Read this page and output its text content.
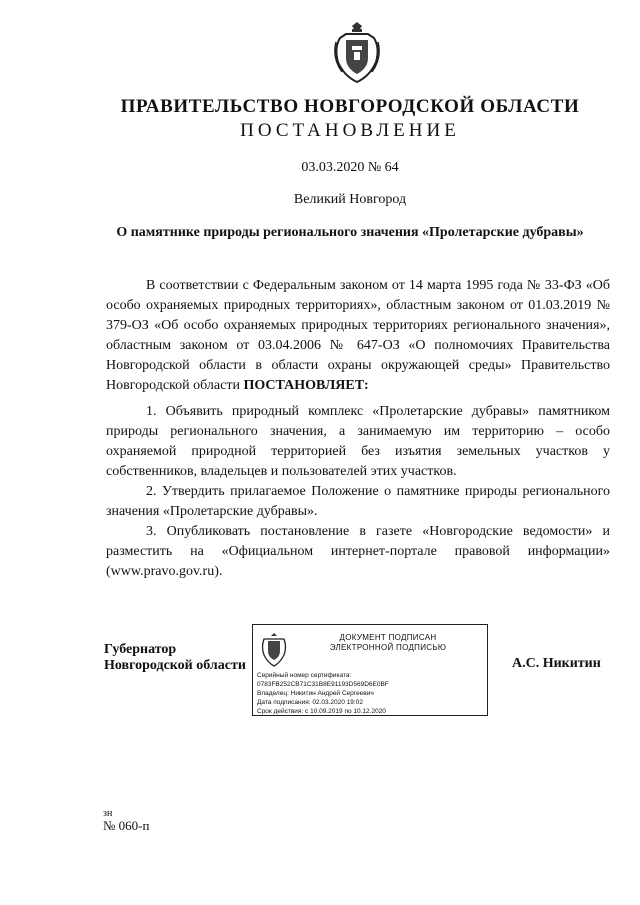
ПРАВИТЕЛЬСТВО НОВГОРОДСКОЙ ОБЛАСТИ
ПОСТАНОВЛЕНИЕ
03.03.2020 № 64
Великий Новгород
О памятнике природы регионального значения «Пролетарские дубравы»

В соответствии с Федеральным законом от 14 марта 1995 года № 33-ФЗ «Об особо охраняемых природных территориях», областным законом от 01.03.2019 № 379-ОЗ «Об особо охраняемых природных территориях регионального значения», областным законом от 03.04.2006 № 647-ОЗ «О полномочиях Правительства Новгородской области в области охраны окружающей среды» Правительство Новгородской области ПОСТАНОВЛЯЕТ:

1. Объявить природный комплекс «Пролетарские дубравы» памятником природы регионального значения, а занимаемую им территорию – особо охраняемой природной территорией без изъятия земельных участков у собственников, владельцев и пользователей этих участков.

2. Утвердить прилагаемое Положение о памятнике природы регионального значения «Пролетарские дубравы».

3. Опубликовать постановление в газете «Новгородские ведомости» и разместить на «Официальном интернет-портале правовой информации» (www.pravo.gov.ru).

Губернатор
Новгородской области
ДОКУМЕНТ ПОДПИСАН
ЭЛЕКТРОННОЙ ПОДПИСЬЮ
Серийный номер сертификата:
0783FB252CB71C31B8E91193D569D6E0BF
Владелец: Никитин Андрей Сергеевич
Дата подписания: 02.03.2020 19:02
Срок действия: с 10.09.2019 по 10.12.2020
А.С. Никитин
зн
№ 060-п
